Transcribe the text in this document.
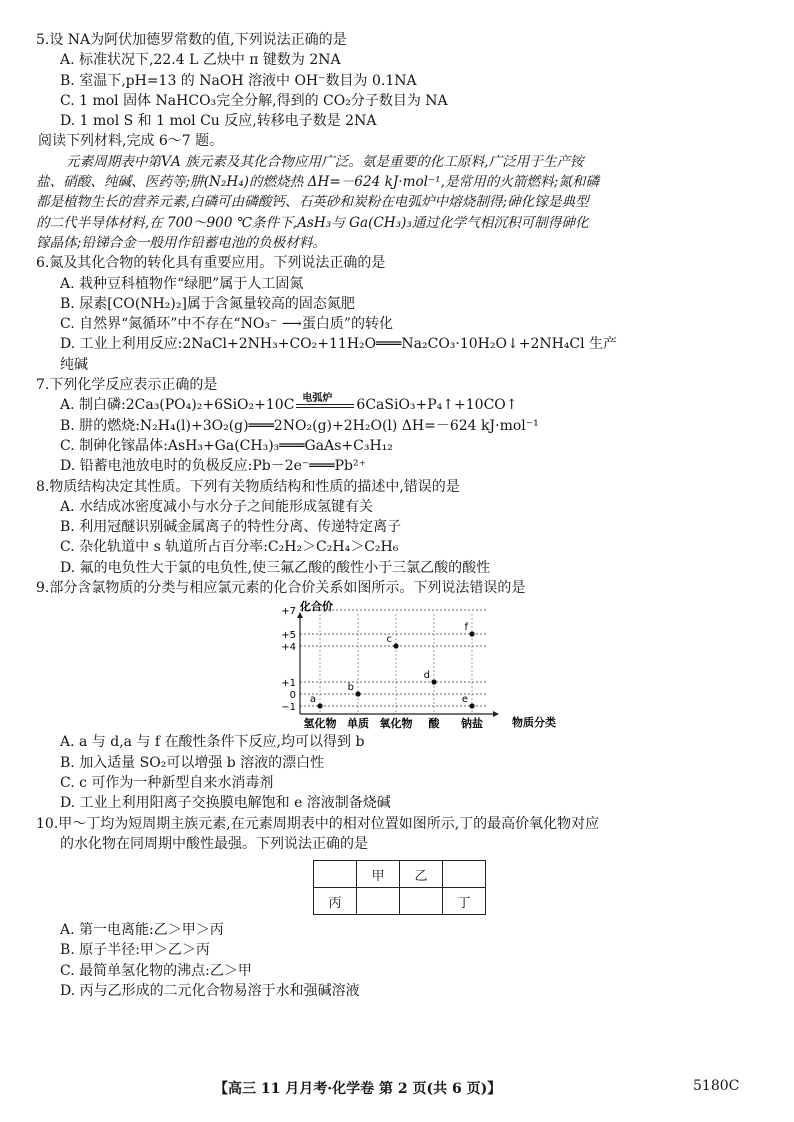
5.设 NA为阿伏加德罗常数的值,下列说法正确的是
A. 标准状况下,22.4 L 乙炔中 π 键数为 2NA
B. 室温下,pH=13 的 NaOH 溶液中 OH⁻数目为 0.1NA
C. 1 mol 固体 NaHCO₃完全分解,得到的 CO₂分子数目为 NA
D. 1 mol S 和 1 mol Cu 反应,转移电子数是 2NA
阅读下列材料,完成 6～7 题。
元素周期表中第ⅤA 族元素及其化合物应用广泛。氨是重要的化工原料,广泛用于生产铵
盐、硝酸、纯碱、医药等;肼(N₂H₄)的燃烧热 ΔH=－624 kJ·mol⁻¹,是常用的火箭燃料;氮和磷
都是植物生长的营养元素,白磷可由磷酸钙、石英砂和炭粉在电弧炉中熔烧制得;砷化镓是典型
的二代半导体材料,在 700～900 ℃条件下,AsH₃与 Ga(CH₃)₃通过化学气相沉积可制得砷化
镓晶体;铅锑合金一般用作铅蓄电池的负极材料。
6.氮及其化合物的转化具有重要应用。下列说法正确的是
A. 栽种豆科植物作“绿肥”属于人工固氮
B. 尿素[CO(NH₂)₂]属于含氮量较高的固态氮肥
C. 自然界“氮循环”中不存在“NO₃⁻ ⟶蛋白质”的转化
D. 工业上利用反应:2NaCl+2NH₃+CO₂+11H₂O═══Na₂CO₃·10H₂O↓+2NH₄Cl 生产
纯碱
7.下列化学反应表示正确的是
A. 制白磷:2Ca₃(PO₄)₂+6SiO₂+10C 电弧炉 6CaSiO₃+P₄↑+10CO↑
B. 肼的燃烧:N₂H₄(l)+3O₂(g)═══2NO₂(g)+2H₂O(l) ΔH=－624 kJ·mol⁻¹
C. 制砷化镓晶体:AsH₃+Ga(CH₃)₃═══GaAs+C₃H₁₂
D. 铅蓄电池放电时的负极反应:Pb－2e⁻═══Pb²⁺
8.物质结构决定其性质。下列有关物质结构和性质的描述中,错误的是
A. 水结成冰密度减小与水分子之间能形成氢键有关
B. 利用冠醚识别碱金属离子的特性分离、传递特定离子
C. 杂化轨道中 s 轨道所占百分率:C₂H₂＞C₂H₄＞C₂H₆
D. 氟的电负性大于氯的电负性,使三氟乙酸的酸性小于三氯乙酸的酸性
9.部分含氯物质的分类与相应氯元素的化合价关系如图所示。下列说法错误的是
+7
+5
+4
+1
0
−1
氢化物 单质 氧化物 酸 钠盐
a
b
c
d
e
f
化合价
物质分类
A. a 与 d,a 与 f 在酸性条件下反应,均可以得到 b
B. 加入适量 SO₂可以增强 b 溶液的漂白性
C. c 可作为一种新型自来水消毒剂
D. 工业上利用阳离子交换膜电解饱和 e 溶液制备烧碱
10.甲～丁均为短周期主族元素,在元素周期表中的相对位置如图所示,丁的最高价氧化物对应
的水化物在同周期中酸性最强。下列说法正确的是
	甲	乙	
丙			丁
A. 第一电离能:乙＞甲＞丙
B. 原子半径:甲＞乙＞丙
C. 最简单氢化物的沸点:乙＞甲
D. 丙与乙形成的二元化合物易溶于水和强碱溶液
【高三 11 月月考·化学卷 第 2 页(共 6 页)】	5180C
